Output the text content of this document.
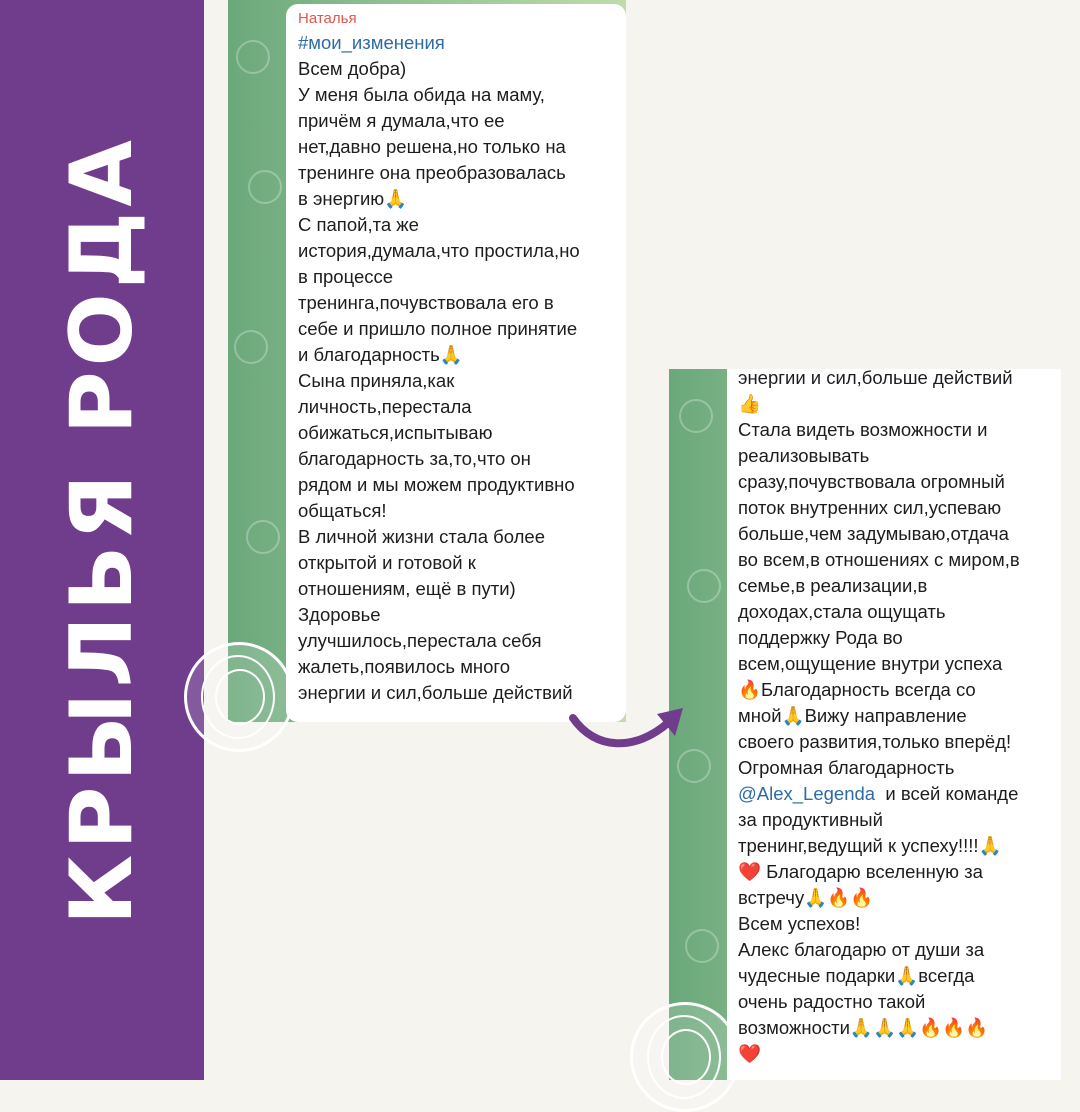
КРЫЛЬЯ РОДА
Наталья
#мои_изменения
Всем добра)
У меня была обида на маму,
причём я думала,что ее
нет,давно решена,но только на
тренинге она преобразовалась
в энергию🙏
С папой,та же
история,думала,что простила,но
в процессе
тренинга,почувствовала его в
себе и пришло полное принятие
и благодарность🙏
Сына приняла,как
личность,перестала
обижаться,испытываю
благодарность за,то,что он
рядом и мы можем продуктивно
общаться!
В личной жизни стала более
открытой и готовой к
отношениям, ещё в пути)
Здоровье
улучшилось,перестала себя
жалеть,появилось много
энергии и сил,больше действий
энергии и сил,больше действий
👍
Стала видеть возможности и
реализовывать
сразу,почувствовала огромный
поток внутренних сил,успеваю
больше,чем задумываю,отдача
во всем,в отношениях с миром,в
семье,в реализации,в
доходах,стала ощущать
поддержку Рода во
всем,ощущение внутри успеха
🔥Благодарность всегда со
мной🙏Вижу направление
своего развития,только вперёд!
Огромная благодарность
@Alex_Legenda  и всей команде
за продуктивный
тренинг,ведущий к успеху!!!!🙏
❤️ Благодарю вселенную за
встречу🙏🔥🔥
Всем успехов!
Алекс благодарю от души за
чудесные подарки🙏всегда
очень радостно такой
возможности🙏🙏🙏🔥🔥🔥
❤️
